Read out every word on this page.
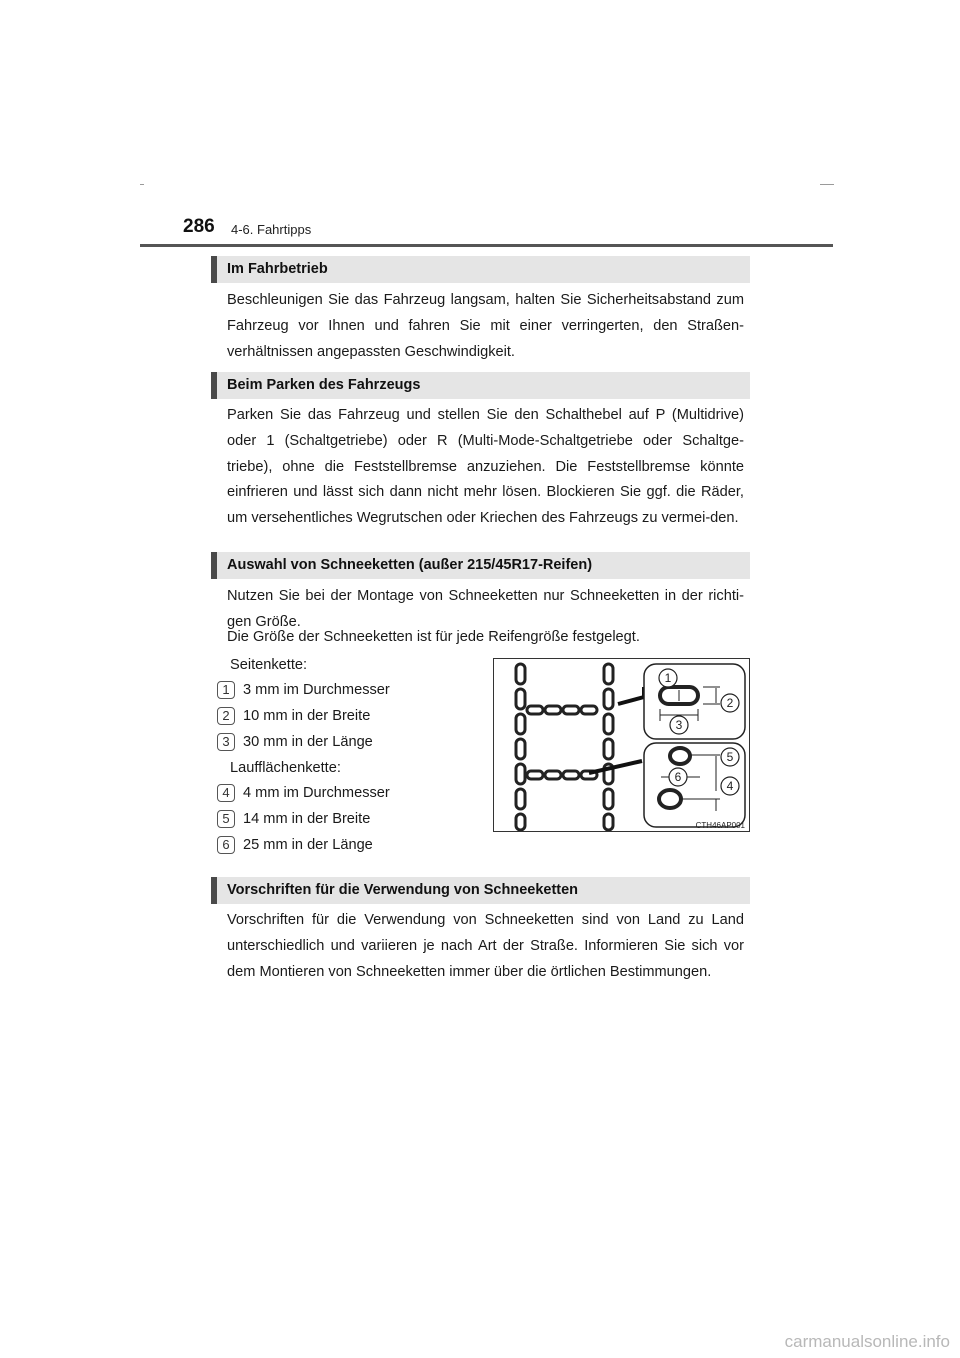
286 4-6. Fahrtipps
Im Fahrbetrieb
Beschleunigen Sie das Fahrzeug langsam, halten Sie Sicherheitsabstand zum Fahrzeug vor Ihnen und fahren Sie mit einer verringerten, den Straßen-verhältnissen angepassten Geschwindigkeit.
Beim Parken des Fahrzeugs
Parken Sie das Fahrzeug und stellen Sie den Schalthebel auf P (Multidrive) oder 1 (Schaltgetriebe) oder R (Multi-Mode-Schaltgetriebe oder Schaltge-triebe), ohne die Feststellbremse anzuziehen. Die Feststellbremse könnte einfrieren und lässt sich dann nicht mehr lösen. Blockieren Sie ggf. die Räder, um versehentliches Wegrutschen oder Kriechen des Fahrzeugs zu vermei-den.
Auswahl von Schneeketten (außer 215/45R17-Reifen)
Nutzen Sie bei der Montage von Schneeketten nur Schneeketten in der richti-gen Größe.
Die Größe der Schneeketten ist für jede Reifengröße festgelegt.
Seitenkette:
1 3 mm im Durchmesser
2 10 mm in der Breite
3 30 mm in der Länge
Laufflächenkette:
4 4 mm im Durchmesser
5 14 mm in der Breite
6 25 mm in der Länge
1
2
3
5
6
4
CTH46AP001
Vorschriften für die Verwendung von Schneeketten
Vorschriften für die Verwendung von Schneeketten sind von Land zu Land unterschiedlich und variieren je nach Art der Straße. Informieren Sie sich vor dem Montieren von Schneeketten immer über die örtlichen Bestimmungen.
carmanualsonline.info
